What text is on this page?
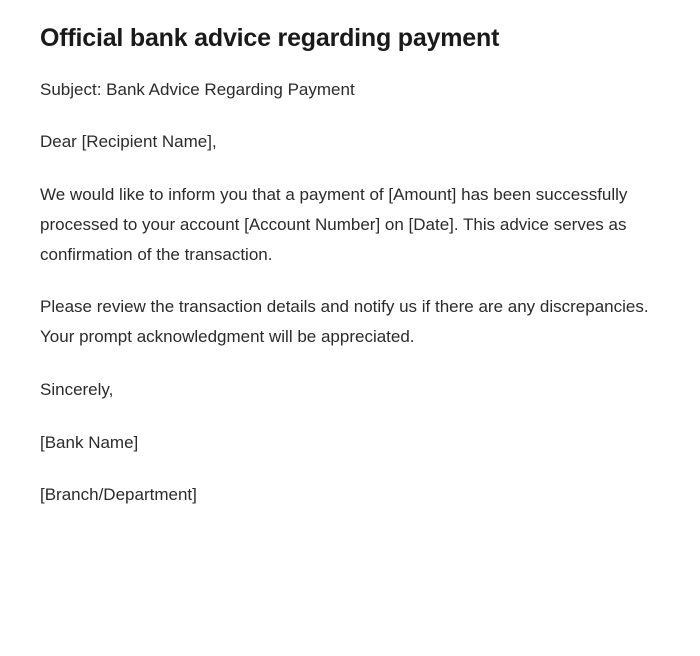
Official bank advice regarding payment

Subject: Bank Advice Regarding Payment

Dear [Recipient Name],

We would like to inform you that a payment of [Amount] has been successfully processed to your account [Account Number] on [Date]. This advice serves as confirmation of the transaction.

Please review the transaction details and notify us if there are any discrepancies. Your prompt acknowledgment will be appreciated.

Sincerely,

[Bank Name]

[Branch/Department]
